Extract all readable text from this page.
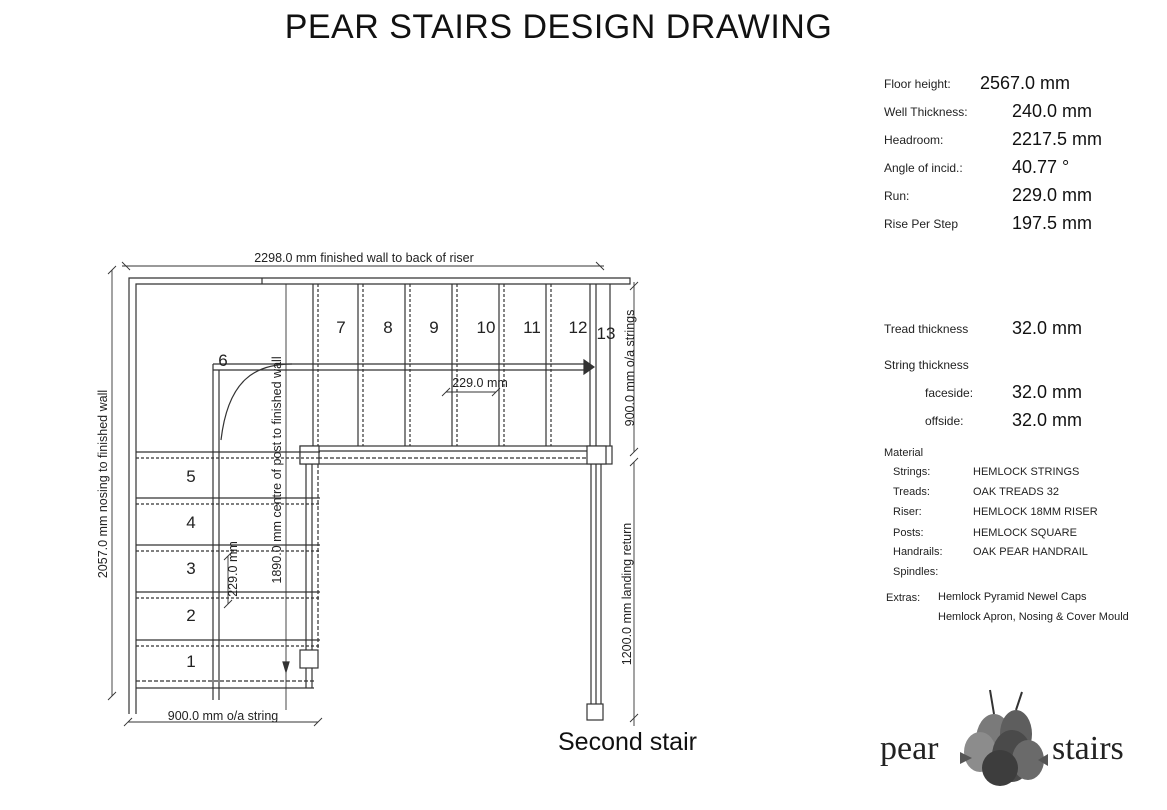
PEAR STAIRS DESIGN DRAWING
1
2
3
4
5
6
7 8 9 10 11 12 13
2298.0 mm finished wall to back of riser
2057.0 mm nosing to finished wall	1890.0 mm centre of post to finished wall	900.0 mm o/a strings
1200.0 mm landing return
900.0 mm o/a string
229.0 mm
229.0 mm
Floor height: 2567.0 mm
Well Thickness: 240.0 mm
Headroom:	2217.5 mm
Angle of incid.:	40.77 °
Run:	229.0 mm
Rise Per Step	197.5 mm
Tread thickness 32.0 mm
String thickness
faceside: 32.0 mm
offside:	32.0 mm
Material
Strings:	HEMLOCK STRINGS
Treads:	OAK TREADS 32
Riser:	HEMLOCK 18MM RISER
Posts:	HEMLOCK SQUARE
Handrails:	OAK PEAR HANDRAIL
Spindles:
Extras: Hemlock Pyramid Newel Caps
Hemlock Apron, Nosing & Cover Mould
Second stair	pear	stairs
